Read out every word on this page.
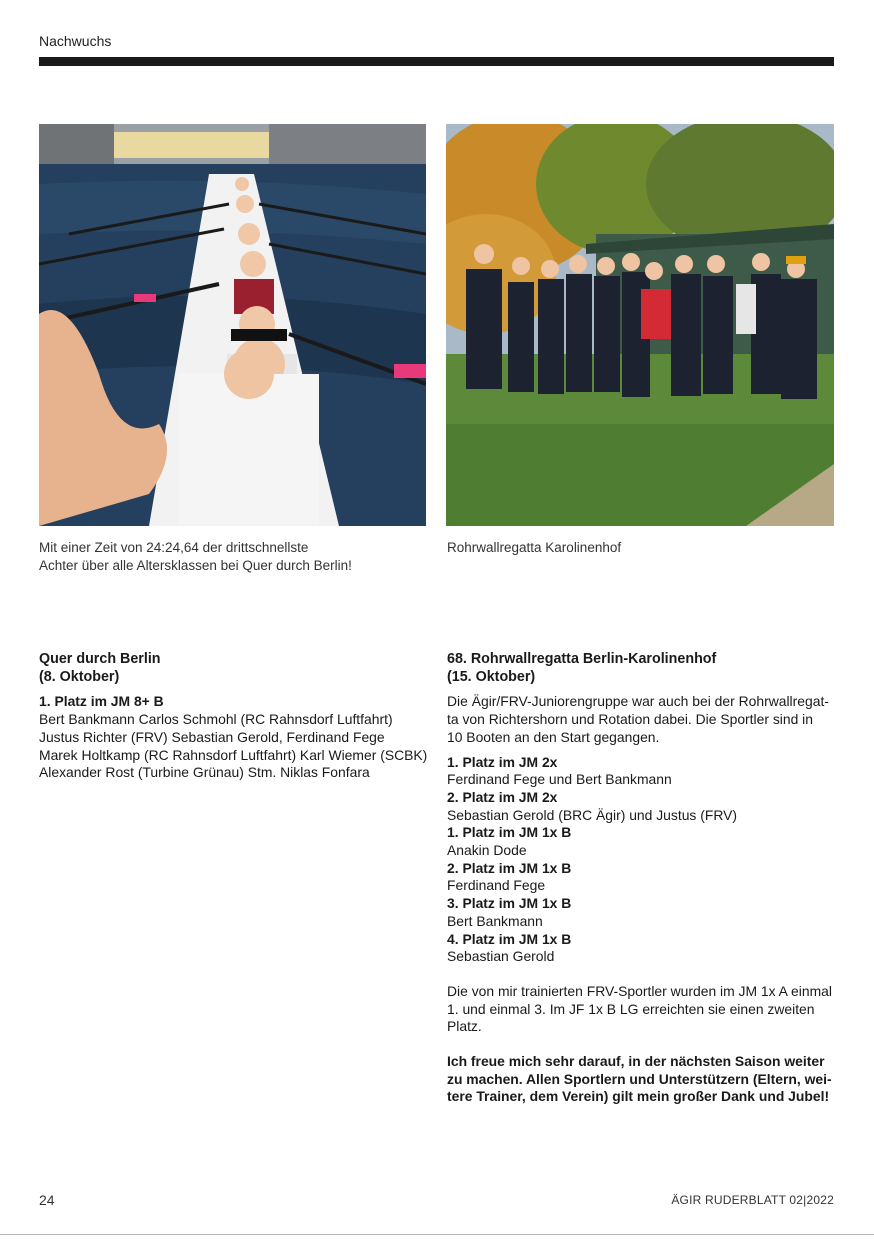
Nachwuchs
Mit einer Zeit von 24:24,64 der drittschnellste
Achter über alle Altersklassen bei Quer durch Berlin!
Rohrwallregatta Karolinenhof
Quer durch Berlin
(8. Oktober)
1. Platz im JM 8+ B
Bert Bankmann Carlos Schmohl (RC Rahnsdorf Luftfahrt)
Justus Richter (FRV) Sebastian Gerold, Ferdinand Fege
Marek Holtkamp (RC Rahnsdorf Luftfahrt) Karl Wiemer (SCBK)
Alexander Rost (Turbine Grünau) Stm. Niklas Fonfara
68. Rohrwallregatta Berlin-Karolinenhof
(15. Oktober)
Die Ägir/FRV-Juniorengruppe war auch bei der Rohrwallregat-
ta von Richtershorn und Rotation dabei. Die Sportler sind in
10 Booten an den Start gegangen.
1. Platz im JM 2x
Ferdinand Fege und Bert Bankmann
2. Platz im JM 2x
Sebastian Gerold (BRC Ägir) und Justus (FRV)
1. Platz im JM 1x B
Anakin Dode
2. Platz im JM 1x B
Ferdinand Fege
3. Platz im JM 1x B
Bert Bankmann
4. Platz im JM 1x B
Sebastian Gerold
Die von mir trainierten FRV-Sportler wurden im JM 1x A einmal
1. und einmal 3. Im JF 1x B LG erreichten sie einen zweiten
Platz.
Ich freue mich sehr darauf, in der nächsten Saison weiter
zu machen. Allen Sportlern und Unterstützern (Eltern, wei-
tere Trainer, dem Verein) gilt mein großer Dank und Jubel!
24	ÄGIR RUDERBLATT 02|2022
